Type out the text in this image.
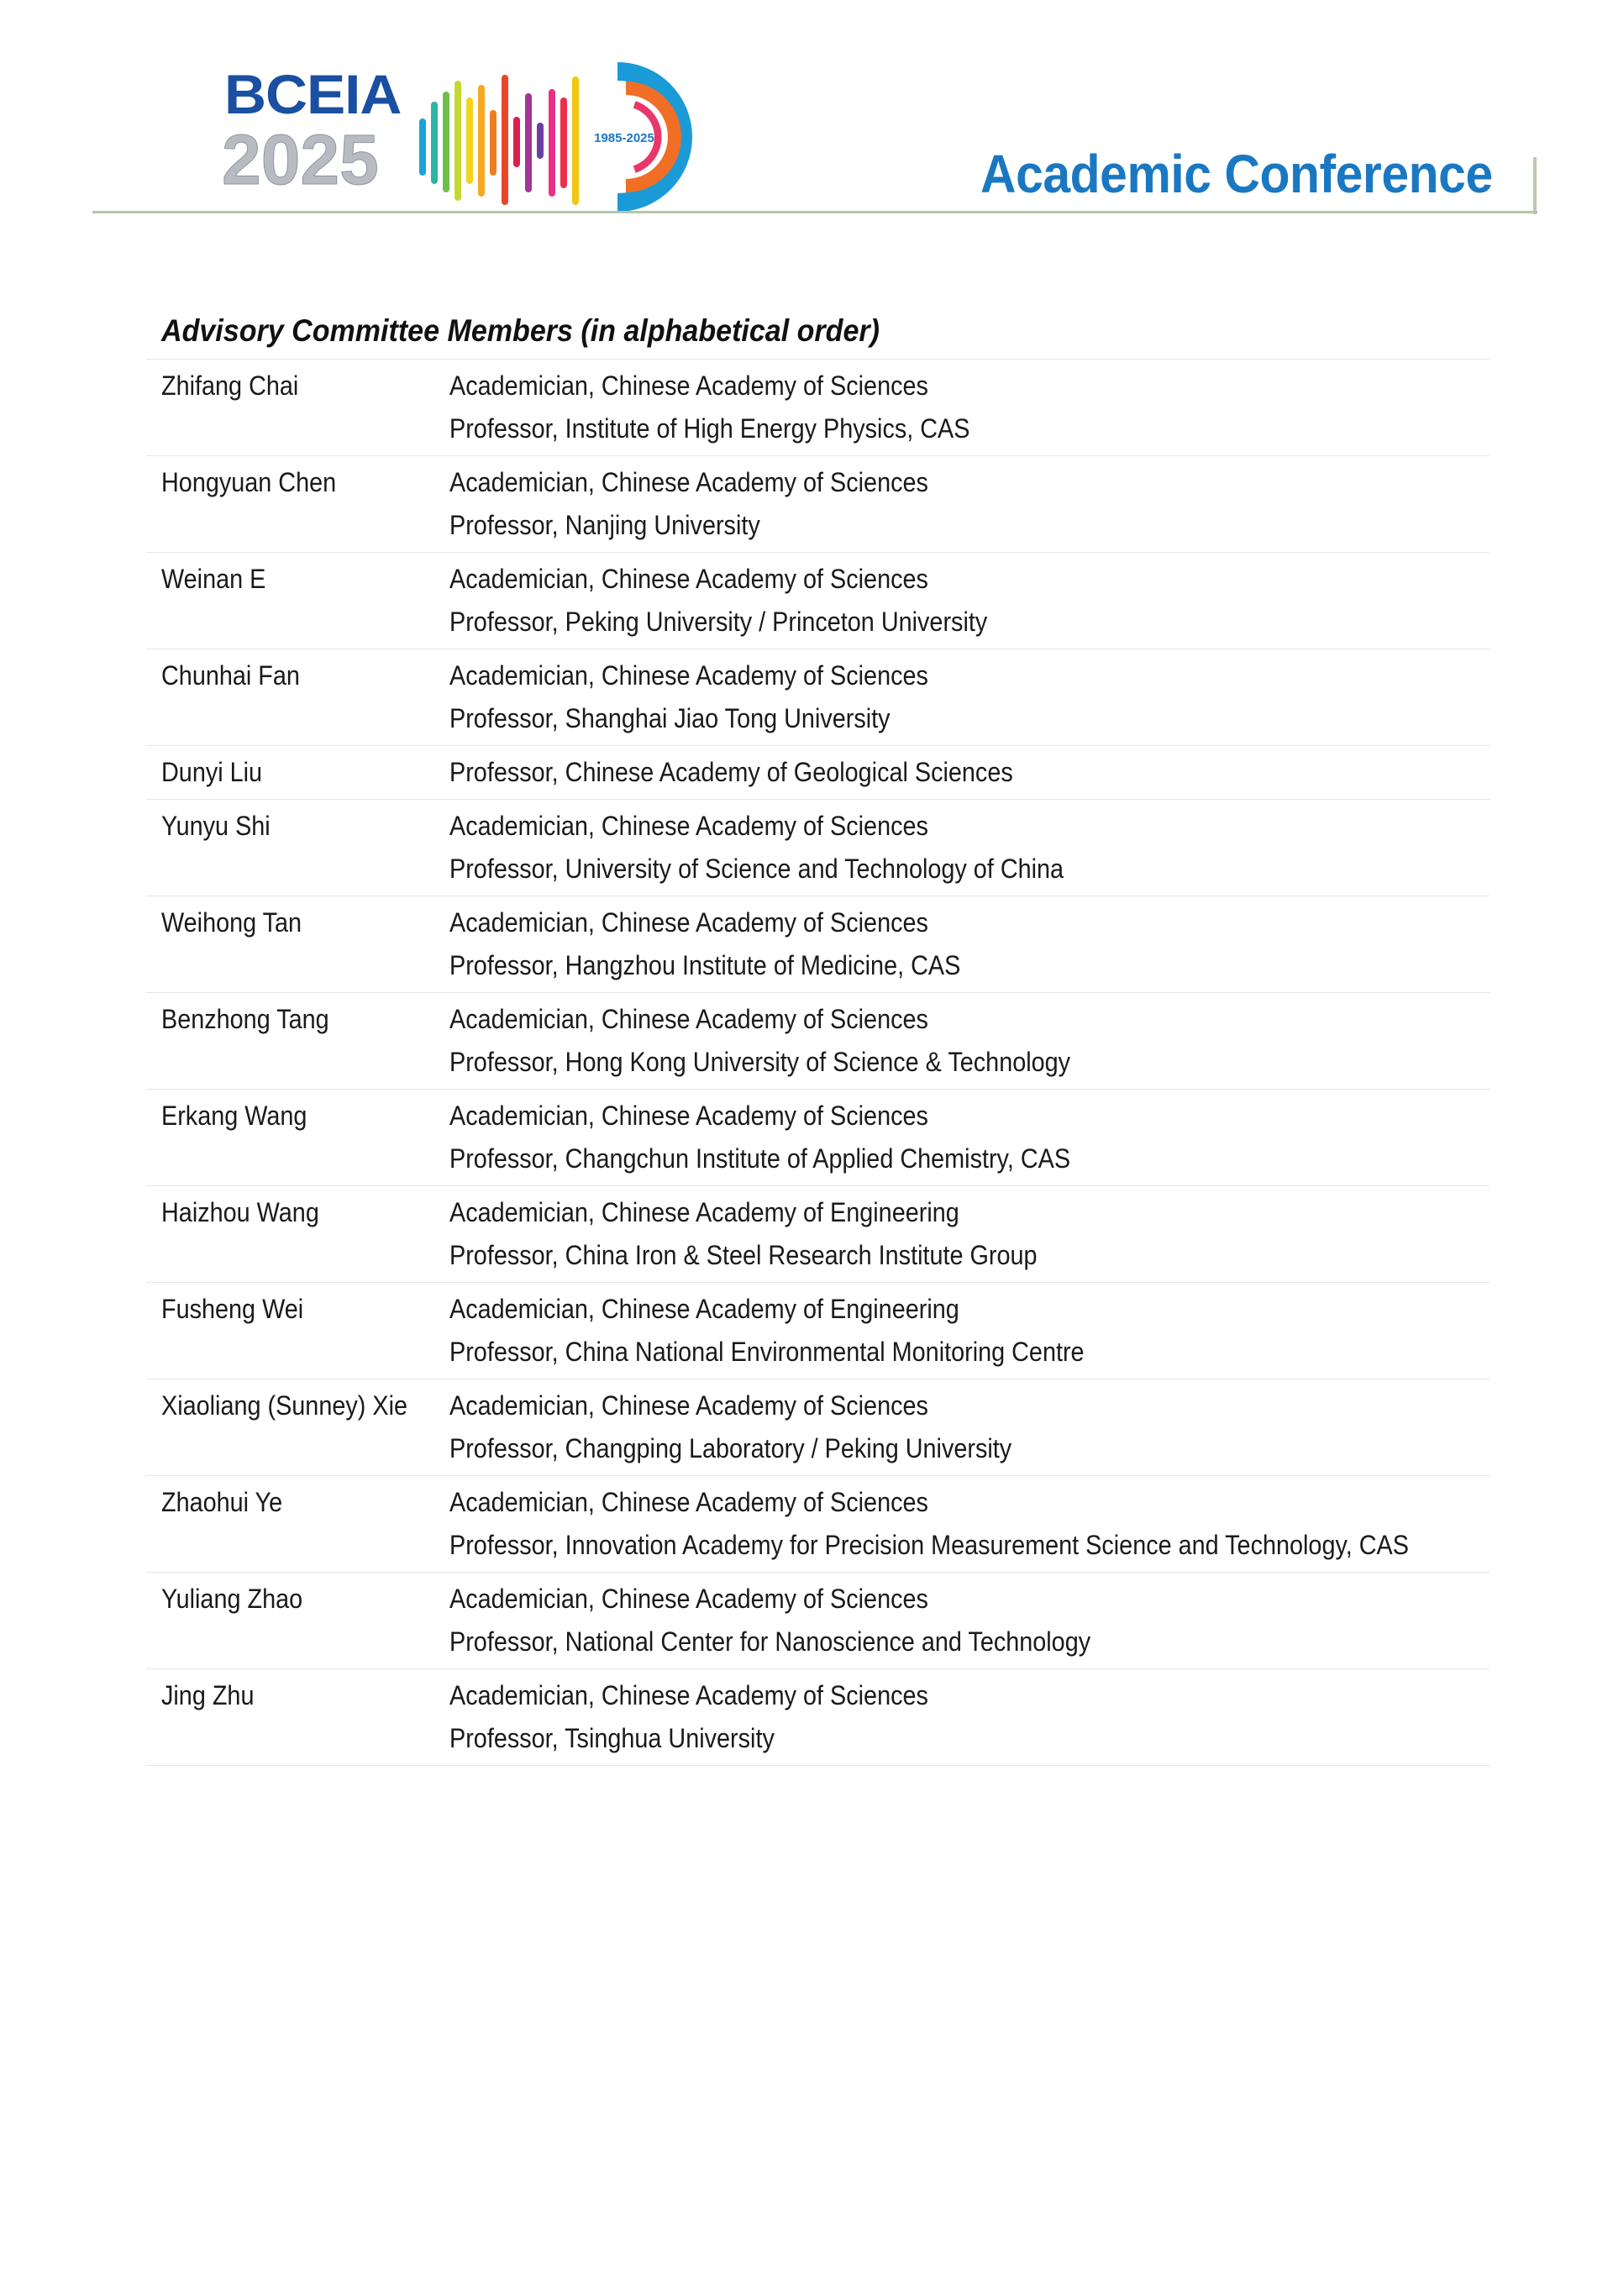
BCEIA
2025	1985-2025
Academic Conference
Advisory Committee Members (in alphabetical order)
Zhifang Chai	Academician, Chinese Academy of Sciences
Professor, Institute of High Energy Physics, CAS
Hongyuan Chen	Academician, Chinese Academy of Sciences
Professor, Nanjing University
Weinan E	Academician, Chinese Academy of Sciences
Professor, Peking University / Princeton University
Chunhai Fan	Academician, Chinese Academy of Sciences
Professor, Shanghai Jiao Tong University
Dunyi Liu	Professor, Chinese Academy of Geological Sciences
Yunyu Shi	Academician, Chinese Academy of Sciences
Professor, University of Science and Technology of China
Weihong Tan	Academician, Chinese Academy of Sciences
Professor, Hangzhou Institute of Medicine, CAS
Benzhong Tang	Academician, Chinese Academy of Sciences
Professor, Hong Kong University of Science & Technology
Erkang Wang	Academician, Chinese Academy of Sciences
Professor, Changchun Institute of Applied Chemistry, CAS
Haizhou Wang	Academician, Chinese Academy of Engineering
Professor, China Iron & Steel Research Institute Group
Fusheng Wei	Academician, Chinese Academy of Engineering
Professor, China National Environmental Monitoring Centre
Xiaoliang (Sunney) Xie Academician, Chinese Academy of Sciences
Professor, Changping Laboratory / Peking University
Zhaohui Ye	Academician, Chinese Academy of Sciences
Professor, Innovation Academy for Precision Measurement Science and Technology, CAS
Yuliang Zhao	Academician, Chinese Academy of Sciences
Professor, National Center for Nanoscience and Technology
Jing Zhu	Academician, Chinese Academy of Sciences
Professor, Tsinghua University
